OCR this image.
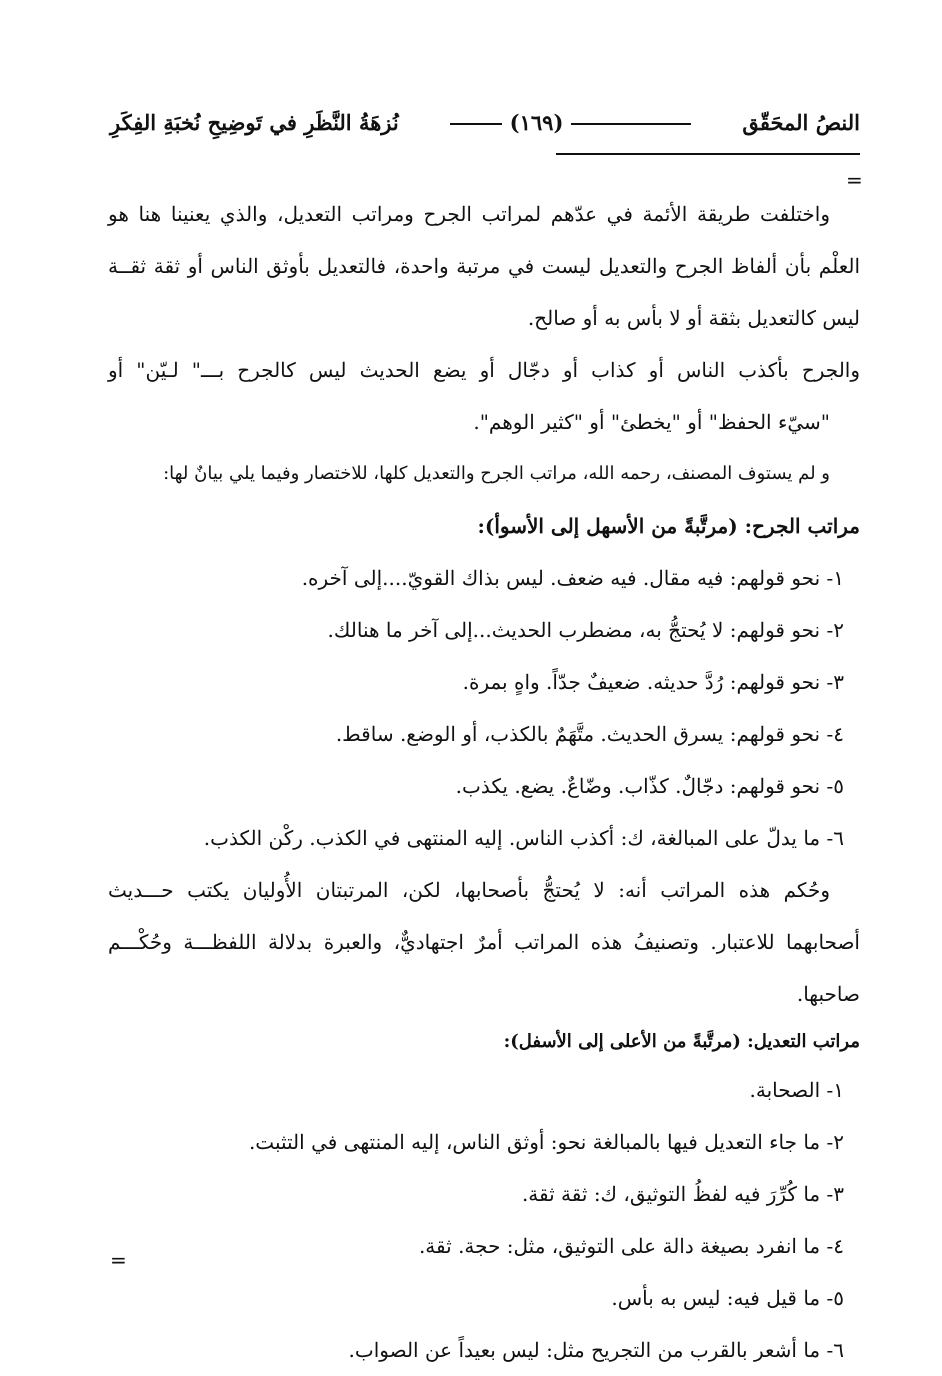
النصُ المحَقّق
(١٦٩)
نُزهَةُ النَّظَرِ في تَوضِيحِ نُخبَةِ الفِكَرِ
=
واختلفت طريقة الأئمة في عدّهم لمراتب الجرح ومراتب التعديل، والذي يعنينا هنا هو
العلْم بأن ألفاظ الجرح والتعديل ليست في مرتبة واحدة، فالتعديل بأوثق الناس أو ثقة ثقــة
ليس كالتعديل بثقة أو لا بأس به أو صالح.
والجرح بأكذب الناس أو كذاب أو دجّال أو يضع الحديث ليس كالجرح بـــ" لـيّن" أو
"سيّء الحفظ" أو "يخطئ" أو "كثير الوهم".
و لم يستوف المصنف، رحمه الله، مراتب الجرح والتعديل كلها، للاختصار وفيما يلي بيانٌ لها:
مراتب الجرح: (مرتَّبةً من الأسهل إلى الأسوأ):
١- نحو قولهم: فيه مقال. فيه ضعف. ليس بذاك القويّ....إلى آخره.
٢- نحو قولهم: لا يُحتجُّ به، مضطرب الحديث...إلى آخر ما هنالك.
٣- نحو قولهم: رُدَّ حديثه. ضعيفٌ جدّاً. واهٍ بمرة.
٤- نحو قولهم: يسرق الحديث. متَّهَمٌ بالكذب، أو الوضع. ساقط.
٥- نحو قولهم: دجّالٌ. كذّاب. وضّاعٌ. يضع. يكذب.
٦- ما يدلّ على المبالغة، ك: أكذب الناس. إليه المنتهى في الكذب. ركْن الكذب.
وحُكم هذه المراتب أنه: لا يُحتجُّ بأصحابها، لكن، المرتبتان الأُوليان يكتب حـــديث
أصحابهما للاعتبار. وتصنيفُ هذه المراتب أمرٌ اجتهاديٌّ، والعبرة بدلالة اللفظـــة وحُكْـــم
صاحبها.
مراتب التعديل: (مرتَّبةً من الأعلى إلى الأسفل):
١- الصحابة.
٢- ما جاء التعديل فيها بالمبالغة نحو: أوثق الناس، إليه المنتهى في التثبت.
٣- ما كُرِّرَ فيه لفظُ التوثيق، ك: ثقة ثقة.
٤- ما انفرد بصيغة دالة على التوثيق، مثل: حجة. ثقة.
٥- ما قيل فيه: ليس به بأس.
٦- ما أشعر بالقرب من التجريح مثل: ليس بعيداً عن الصواب.
=
